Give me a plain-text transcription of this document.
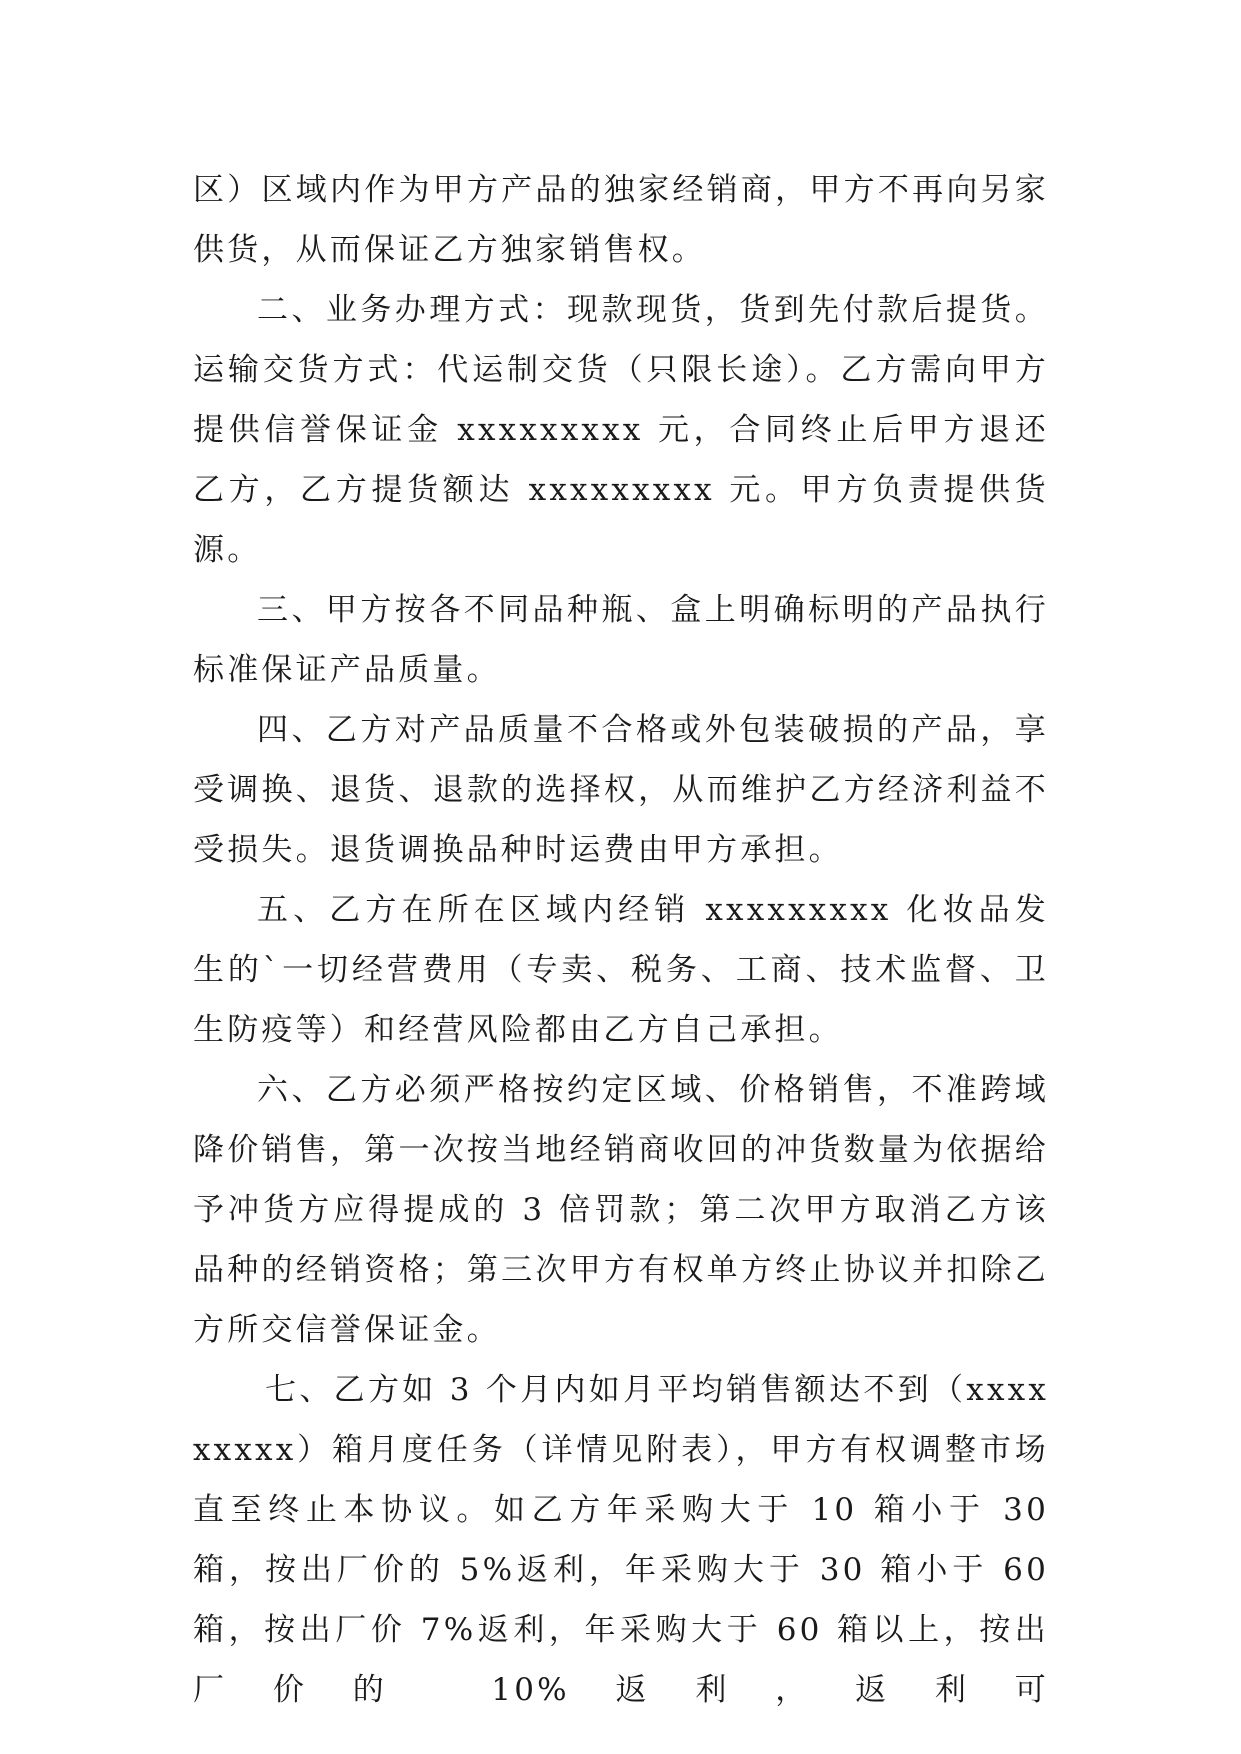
区）区域内作为甲方产品的独家经销商，甲方不再向另家供货，从而保证乙方独家销售权。

二、业务办理方式：现款现货，货到先付款后提货。运输交货方式：代运制交货（只限长途）。乙方需向甲方提供信誉保证金 xxxxxxxxx 元，合同终止后甲方退还乙方，乙方提货额达 xxxxxxxxx 元。甲方负责提供货源。

三、甲方按各不同品种瓶、盒上明确标明的产品执行标准保证产品质量。

四、乙方对产品质量不合格或外包装破损的产品，享受调换、退货、退款的选择权，从而维护乙方经济利益不受损失。退货调换品种时运费由甲方承担。

五、乙方在所在区域内经销 xxxxxxxxx 化妆品发生的`一切经营费用（专卖、税务、工商、技术监督、卫生防疫等）和经营风险都由乙方自己承担。

六、乙方必须严格按约定区域、价格销售，不准跨域降价销售，第一次按当地经销商收回的冲货数量为依据给予冲货方应得提成的 3 倍罚款；第二次甲方取消乙方该品种的经销资格；第三次甲方有权单方终止协议并扣除乙方所交信誉保证金。

七、乙方如 3 个月内如月平均销售额达不到（xxxxxxxxx）箱月度任务（详情见附表），甲方有权调整市场直至终止本协议。如乙方年采购大于 10 箱小于 30 箱，按出厂价的 5%返利，年采购大于 30 箱小于 60 箱，按出厂价 7%返利，年采购大于 60 箱以上，按出厂价的 10%返利，返利可
